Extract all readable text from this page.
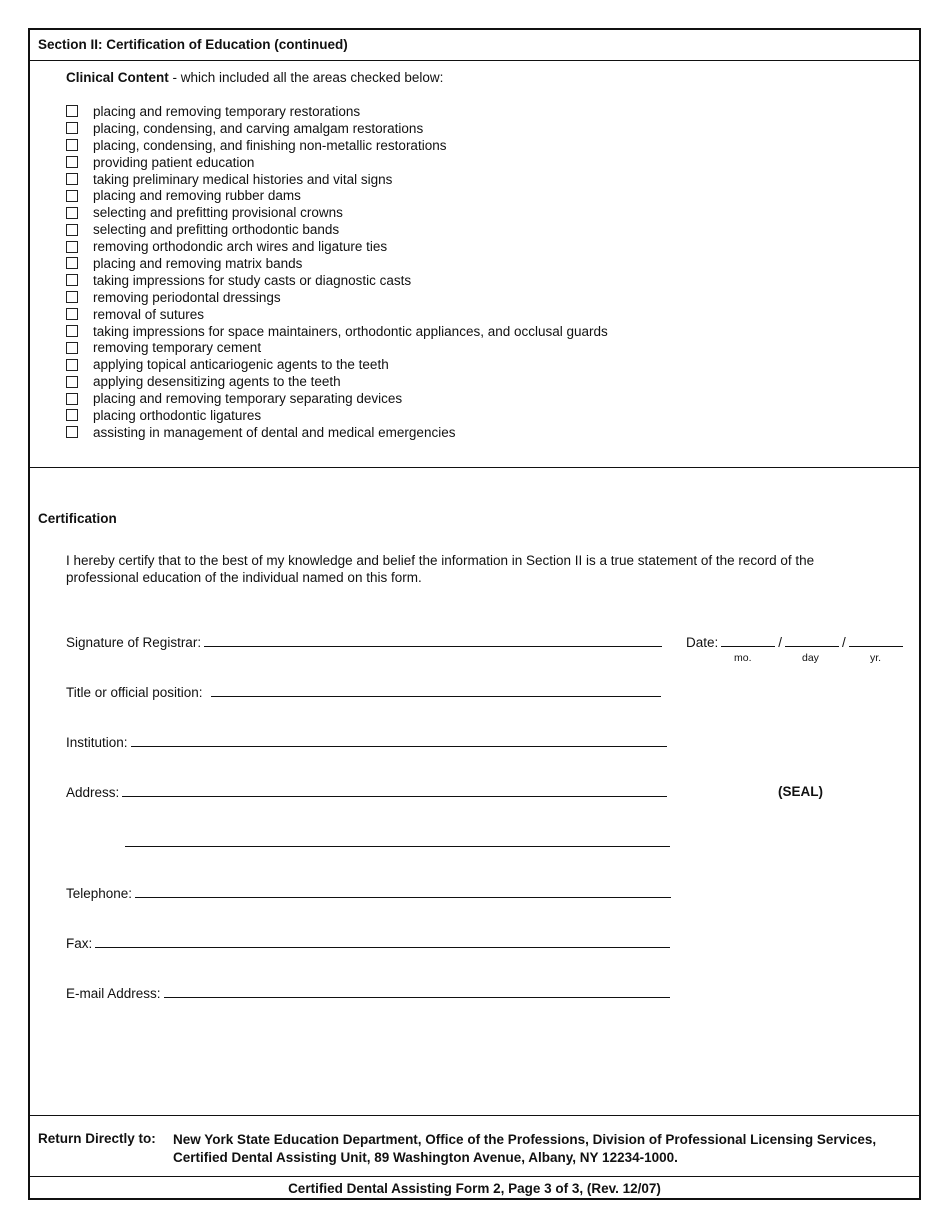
Section II: Certification of Education (continued)
Clinical Content - which included all the areas checked below:
placing and removing temporary restorations
placing, condensing, and carving amalgam restorations
placing, condensing, and finishing non-metallic restorations
providing patient education
taking preliminary medical histories and vital signs
placing and removing rubber dams
selecting and prefitting provisional crowns
selecting and prefitting orthodontic bands
removing orthodondic arch wires and ligature ties
placing and removing matrix bands
taking impressions for study casts or diagnostic casts
removing periodontal dressings
removal of sutures
taking impressions for space maintainers, orthodontic appliances, and occlusal guards
removing temporary cement
applying topical anticariogenic agents to the teeth
applying desensitizing agents to the teeth
placing and removing temporary separating devices
placing orthodontic ligatures
assisting in management of dental and medical emergencies
Certification
I hereby certify that to the best of my knowledge and belief the information in Section II is a true statement of the record of the professional education of the individual named on this form.
Signature of Registrar:	Date:	/	/
mo.	day	yr.
Title or official position:
Institution:
Address:	(SEAL)
Telephone:
Fax:
E-mail Address:
Return Directly to: New York State Education Department, Office of the Professions, Division of Professional Licensing Services,
Certified Dental Assisting Unit, 89 Washington Avenue, Albany, NY 12234-1000.
Certified Dental Assisting Form 2, Page 3 of 3, (Rev. 12/07)
